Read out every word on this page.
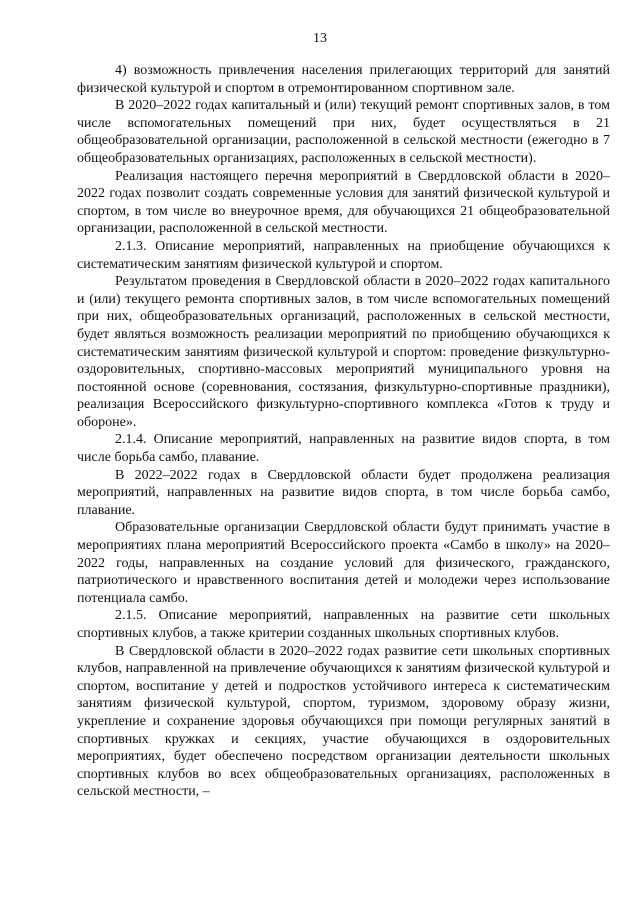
13

4) возможность привлечения населения прилегающих территорий для занятий физической культурой и спортом в отремонтированном спортивном зале.

В 2020–2022 годах капитальный и (или) текущий ремонт спортивных залов, в том числе вспомогательных помещений при них, будет осуществляться в 21 общеобразовательной организации, расположенной в сельской местности (ежегодно в 7 общеобразовательных организациях, расположенных в сельской местности).

Реализация настоящего перечня мероприятий в Свердловской области в 2020–2022 годах позволит создать современные условия для занятий физической культурой и спортом, в том числе во внеурочное время, для обучающихся 21 общеобразовательной организации, расположенной в сельской местности.

2.1.3. Описание мероприятий, направленных на приобщение обучающихся к систематическим занятиям физической культурой и спортом.

Результатом проведения в Свердловской области в 2020–2022 годах капитального и (или) текущего ремонта спортивных залов, в том числе вспомогательных помещений при них, общеобразовательных организаций, расположенных в сельской местности, будет являться возможность реализации мероприятий по приобщению обучающихся к систематическим занятиям физической культурой и спортом: проведение физкультурно-оздоровительных, спортивно-массовых мероприятий муниципального уровня на постоянной основе (соревнования, состязания, физкультурно-спортивные праздники), реализация Всероссийского физкультурно-спортивного комплекса «Готов к труду и обороне».

2.1.4. Описание мероприятий, направленных на развитие видов спорта, в том числе борьба самбо, плавание.

В 2022–2022 годах в Свердловской области будет продолжена реализация мероприятий, направленных на развитие видов спорта, в том числе борьба самбо, плавание.

Образовательные организации Свердловской области будут принимать участие в мероприятиях плана мероприятий Всероссийского проекта «Самбо в школу» на 2020–2022 годы, направленных на создание условий для физического, гражданского, патриотического и нравственного воспитания детей и молодежи через использование потенциала самбо.

2.1.5. Описание мероприятий, направленных на развитие сети школьных спортивных клубов, а также критерии созданных школьных спортивных клубов.

В Свердловской области в 2020–2022 годах развитие сети школьных спортивных клубов, направленной на привлечение обучающихся к занятиям физической культурой и спортом, воспитание у детей и подростков устойчивого интереса к систематическим занятиям физической культурой, спортом, туризмом, здоровому образу жизни, укрепление и сохранение здоровья обучающихся при помощи регулярных занятий в спортивных кружках и секциях, участие обучающихся в оздоровительных мероприятиях, будет обеспечено посредством организации деятельности школьных спортивных клубов во всех общеобразовательных организациях, расположенных в сельской местности, –
